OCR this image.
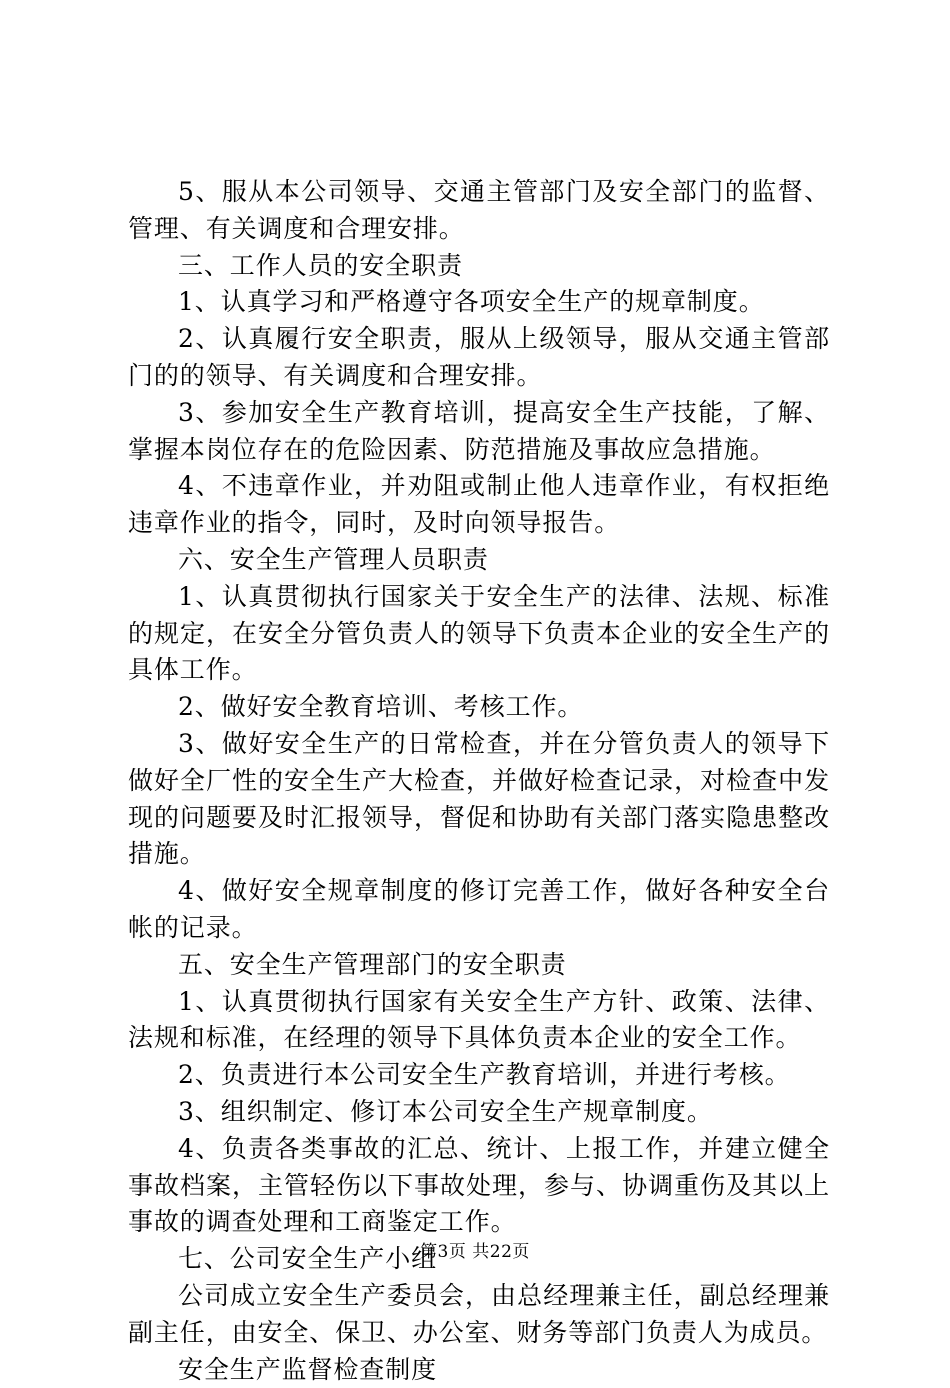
5、服从本公司领导、交通主管部门及安全部门的监督、管理、有关调度和合理安排。

三、工作人员的安全职责

1、认真学习和严格遵守各项安全生产的规章制度。

2、认真履行安全职责，服从上级领导，服从交通主管部门的的领导、有关调度和合理安排。

3、参加安全生产教育培训，提高安全生产技能，了解、掌握本岗位存在的危险因素、防范措施及事故应急措施。

4、不违章作业，并劝阻或制止他人违章作业，有权拒绝违章作业的指令，同时，及时向领导报告。

六、安全生产管理人员职责

1、认真贯彻执行国家关于安全生产的法律、法规、标准的规定，在安全分管负责人的领导下负责本企业的安全生产的具体工作。

2、做好安全教育培训、考核工作。

3、做好安全生产的日常检查，并在分管负责人的领导下做好全厂性的安全生产大检查，并做好检查记录，对检查中发现的问题要及时汇报领导，督促和协助有关部门落实隐患整改措施。

4、做好安全规章制度的修订完善工作，做好各种安全台帐的记录。

五、安全生产管理部门的安全职责

1、认真贯彻执行国家有关安全生产方针、政策、法律、法规和标准，在经理的领导下具体负责本企业的安全工作。

2、负责进行本公司安全生产教育培训，并进行考核。

3、组织制定、修订本公司安全生产规章制度。

4、负责各类事故的汇总、统计、上报工作，并建立健全事故档案，主管轻伤以下事故处理，参与、协调重伤及其以上事故的调查处理和工商鉴定工作。

七、公司安全生产小组

公司成立安全生产委员会，由总经理兼主任，副总经理兼副主任，由安全、保卫、办公室、财务等部门负责人为成员。

安全生产监督检查制度

第3页 共22页
